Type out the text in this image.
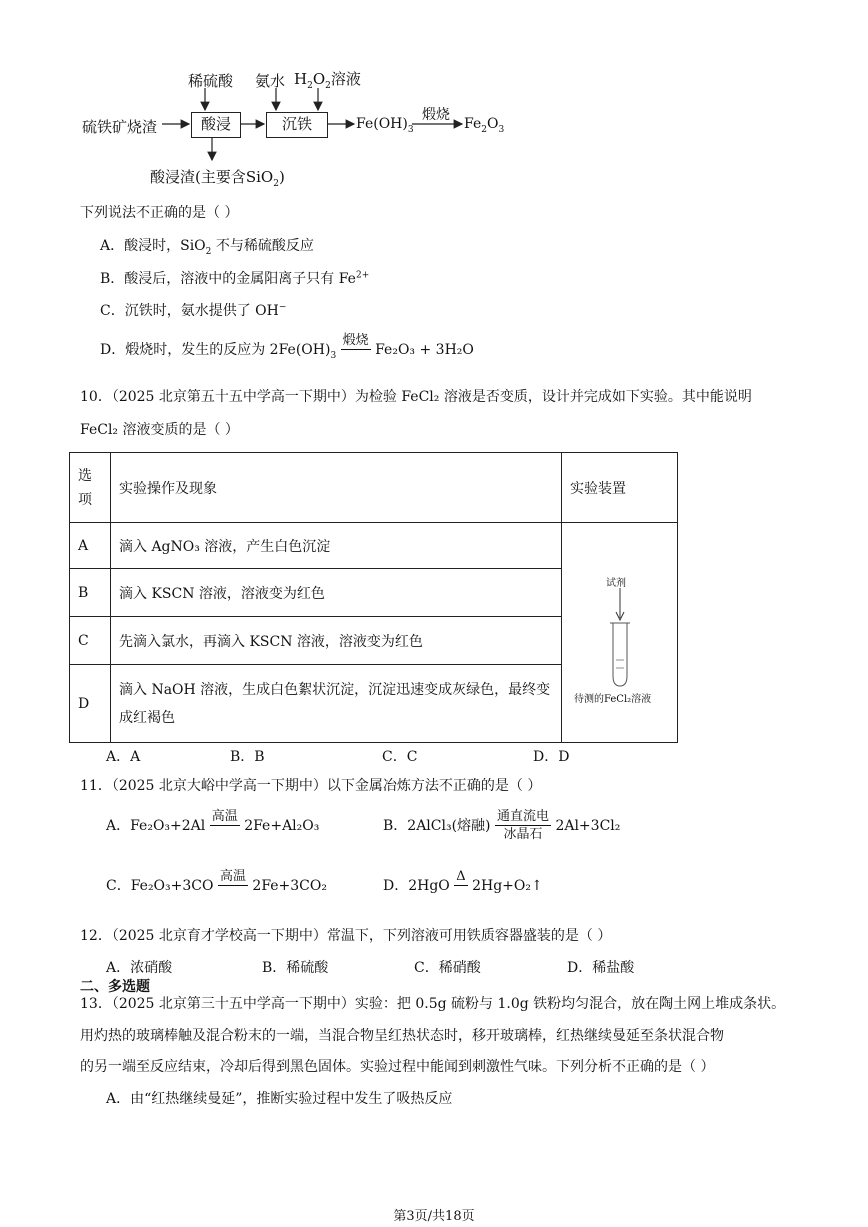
稀硫酸 氨水 $H_2O_2$溶液
硫铁矿烧渣	酸浸	沉铁	$Fe(OH)_3$
煅烧
$Fe_2O_3$
酸浸渣(主要含SiO$_2$)
下列说法不正确的是（ ）
A．酸浸时，SiO$_2$ 不与稀硫酸反应
B．酸浸后，溶液中的金属阳离子只有 $Fe^{2+}$
C．沉铁时，氨水提供了 OH−
D．煅烧时，发生的反应为 $2Fe(OH)_3$
煅烧

Fe₂O₃ + 3H₂O
10．（2025 北京第五十五中学高一下期中）为检验 FeCl₂ 溶液是否变质，设计并完成如下实验。其中能说明
FeCl₂ 溶液变质的是（ ）
选项	实验操作及现象	实验装置
A	滴入 AgNO₃ 溶液，产生白色沉淀	试剂
待测的FeCl₂溶液

B	滴入 KSCN 溶液，溶液变为红色	
C	先滴入氯水，再滴入 KSCN 溶液，溶液变为红色	
D	滴入 NaOH 溶液，生成白色絮状沉淀，沉淀迅速变成灰绿色，最终变成红褐色	
A．A	B．B	C．C	D．D
11．（2025 北京大峪中学高一下期中）以下金属冶炼方法不正确的是（ ）
A．Fe₂O₃+2Al
高温

2Fe+Al₂O₃	B．2AlCl₃(熔融) $\frac{\text{通直流电}}{\text{冰晶石}} 2Al+3Cl_2$
C．Fe₂O₃+3CO
高温

2Fe+3CO₂	D．2HgO
Δ

2Hg+O₂↑
12．（2025 北京育才学校高一下期中）常温下，下列溶液可用铁质容器盛装的是（ ）
A．浓硝酸	B．稀硫酸	C．稀硝酸	D．稀盐酸
二、多选题
13．（2025 北京第三十五中学高一下期中）实验：把 0.5g 硫粉与 1.0g 铁粉均匀混合，放在陶土网上堆成条状。
用灼热的玻璃棒触及混合粉末的一端，当混合物呈红热状态时，移开玻璃棒，红热继续曼延至条状混合物
的另一端至反应结束，冷却后得到黑色固体。实验过程中能闻到刺激性气味。下列分析不正确的是（ ）
A．由“红热继续曼延”，推断实验过程中发生了吸热反应
第3页/共18页
